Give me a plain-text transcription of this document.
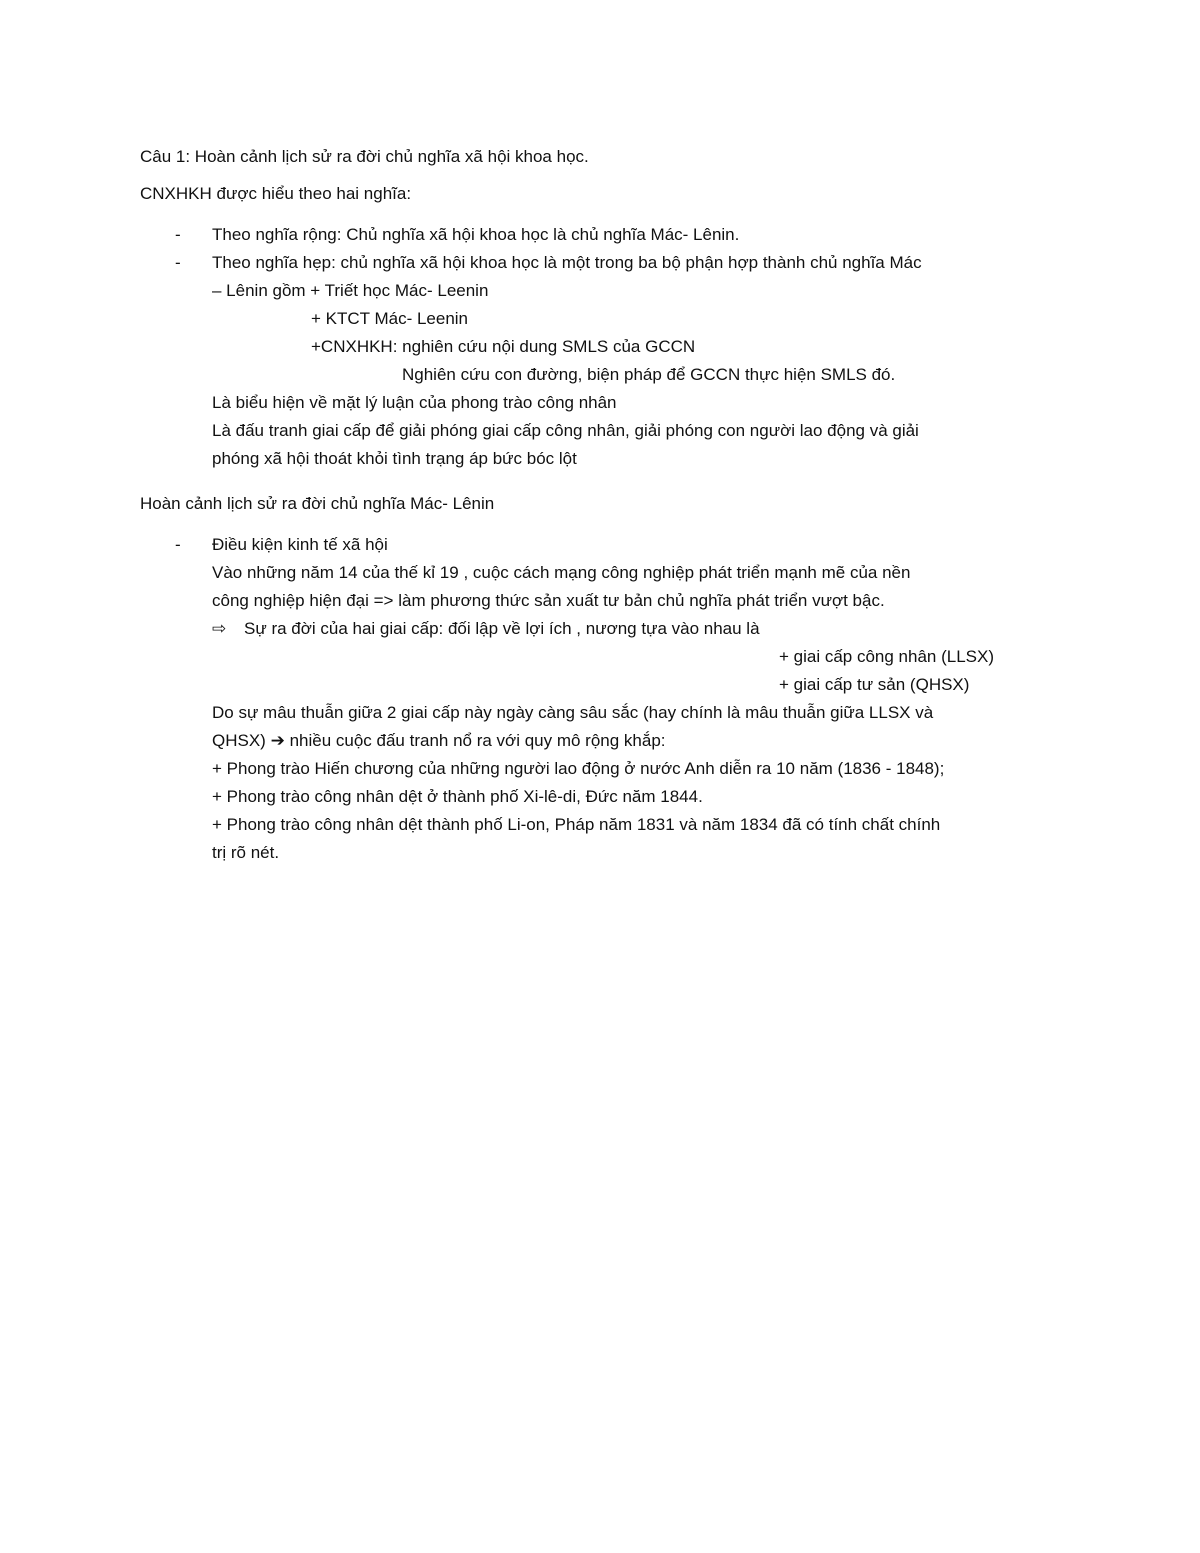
Câu 1: Hoàn cảnh lịch sử ra đời chủ nghĩa xã hội khoa học.
CNXHKH được hiểu theo hai nghĩa:
- Theo nghĩa rộng: Chủ nghĩa xã hội khoa học là chủ nghĩa Mác- Lênin.
- Theo nghĩa hẹp: chủ nghĩa xã hội khoa học là một trong ba bộ phận hợp thành chủ nghĩa Mác
– Lênin gồm + Triết học Mác- Leenin
+ KTCT Mác- Leenin
+CNXHKH: nghiên cứu nội dung SMLS của GCCN
Nghiên cứu con đường, biện pháp để GCCN thực hiện SMLS đó.
Là biểu hiện về mặt lý luận của phong trào công nhân
Là đấu tranh giai cấp để giải phóng giai cấp công nhân, giải phóng con người lao động và giải
phóng xã hội thoát khỏi tình trạng áp bức bóc lột
Hoàn cảnh lịch sử ra đời chủ nghĩa Mác- Lênin
- Điều kiện kinh tế xã hội
Vào những năm 14 của thế kỉ 19 , cuộc cách mạng công nghiệp phát triển mạnh mẽ của nền
công nghiệp hiện đại => làm phương thức sản xuất tư bản chủ nghĩa phát triển vượt bậc.
⇨ Sự ra đời của hai giai cấp: đối lập về lợi ích , nương tựa vào nhau là
+ giai cấp công nhân (LLSX)
+ giai cấp tư sản (QHSX)
Do sự mâu thuẫn giữa 2 giai cấp này ngày càng sâu sắc (hay chính là mâu thuẫn giữa LLSX và
QHSX) ➔ nhiều cuộc đấu tranh nổ ra với quy mô rộng khắp:
+ Phong trào Hiến chương của những người lao động ở nước Anh diễn ra 10 năm (1836 - 1848);
+ Phong trào công nhân dệt ở thành phố Xi-lê-di, Đức năm 1844.
+ Phong trào công nhân dệt thành phố Li-on, Pháp năm 1831 và năm 1834 đã có tính chất chính
trị rõ nét.
